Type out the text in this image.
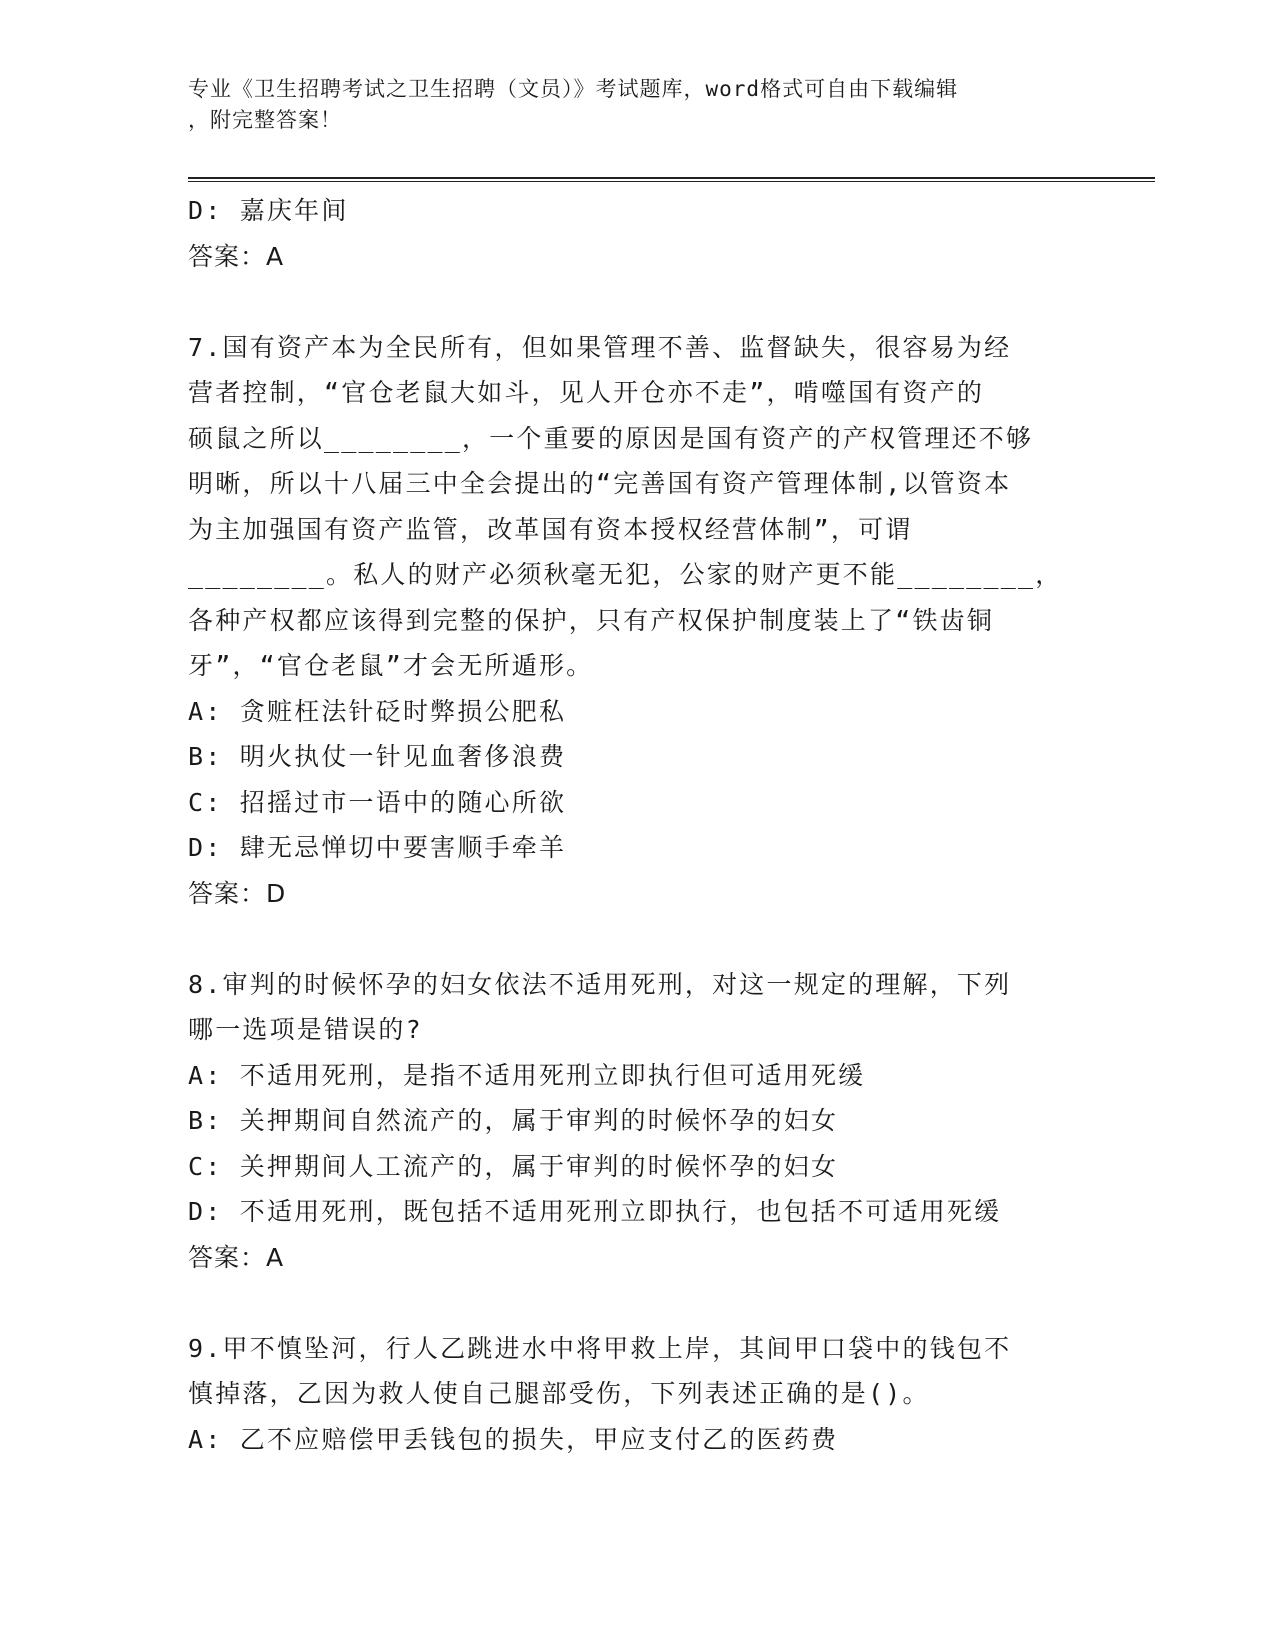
专业《卫生招聘考试之卫生招聘（文员）》考试题库，word格式可自由下载编辑
，附完整答案！

D: 嘉庆年间

答案：A

7.国有资产本为全民所有，但如果管理不善、监督缺失，很容易为经

营者控制，“官仓老鼠大如斗，见人开仓亦不走”，啃噬国有资产的

硕鼠之所以________，一个重要的原因是国有资产的产权管理还不够

明晰，所以十八届三中全会提出的“完善国有资产管理体制,以管资本

为主加强国有资产监管，改革国有资本授权经营体制”，可谓

________。私人的财产必须秋毫无犯，公家的财产更不能________，

各种产权都应该得到完整的保护，只有产权保护制度装上了“铁齿铜

牙”，“官仓老鼠”才会无所遁形。

A: 贪赃枉法针砭时弊损公肥私

B: 明火执仗一针见血奢侈浪费

C: 招摇过市一语中的随心所欲

D: 肆无忌惮切中要害顺手牵羊

答案：D

8.审判的时候怀孕的妇女依法不适用死刑，对这一规定的理解，下列

哪一选项是错误的?

A: 不适用死刑，是指不适用死刑立即执行但可适用死缓

B: 关押期间自然流产的，属于审判的时候怀孕的妇女

C: 关押期间人工流产的，属于审判的时候怀孕的妇女

D: 不适用死刑，既包括不适用死刑立即执行，也包括不可适用死缓

答案：A

9.甲不慎坠河，行人乙跳进水中将甲救上岸，其间甲口袋中的钱包不

慎掉落，乙因为救人使自己腿部受伤，下列表述正确的是()。

A: 乙不应赔偿甲丢钱包的损失，甲应支付乙的医药费
